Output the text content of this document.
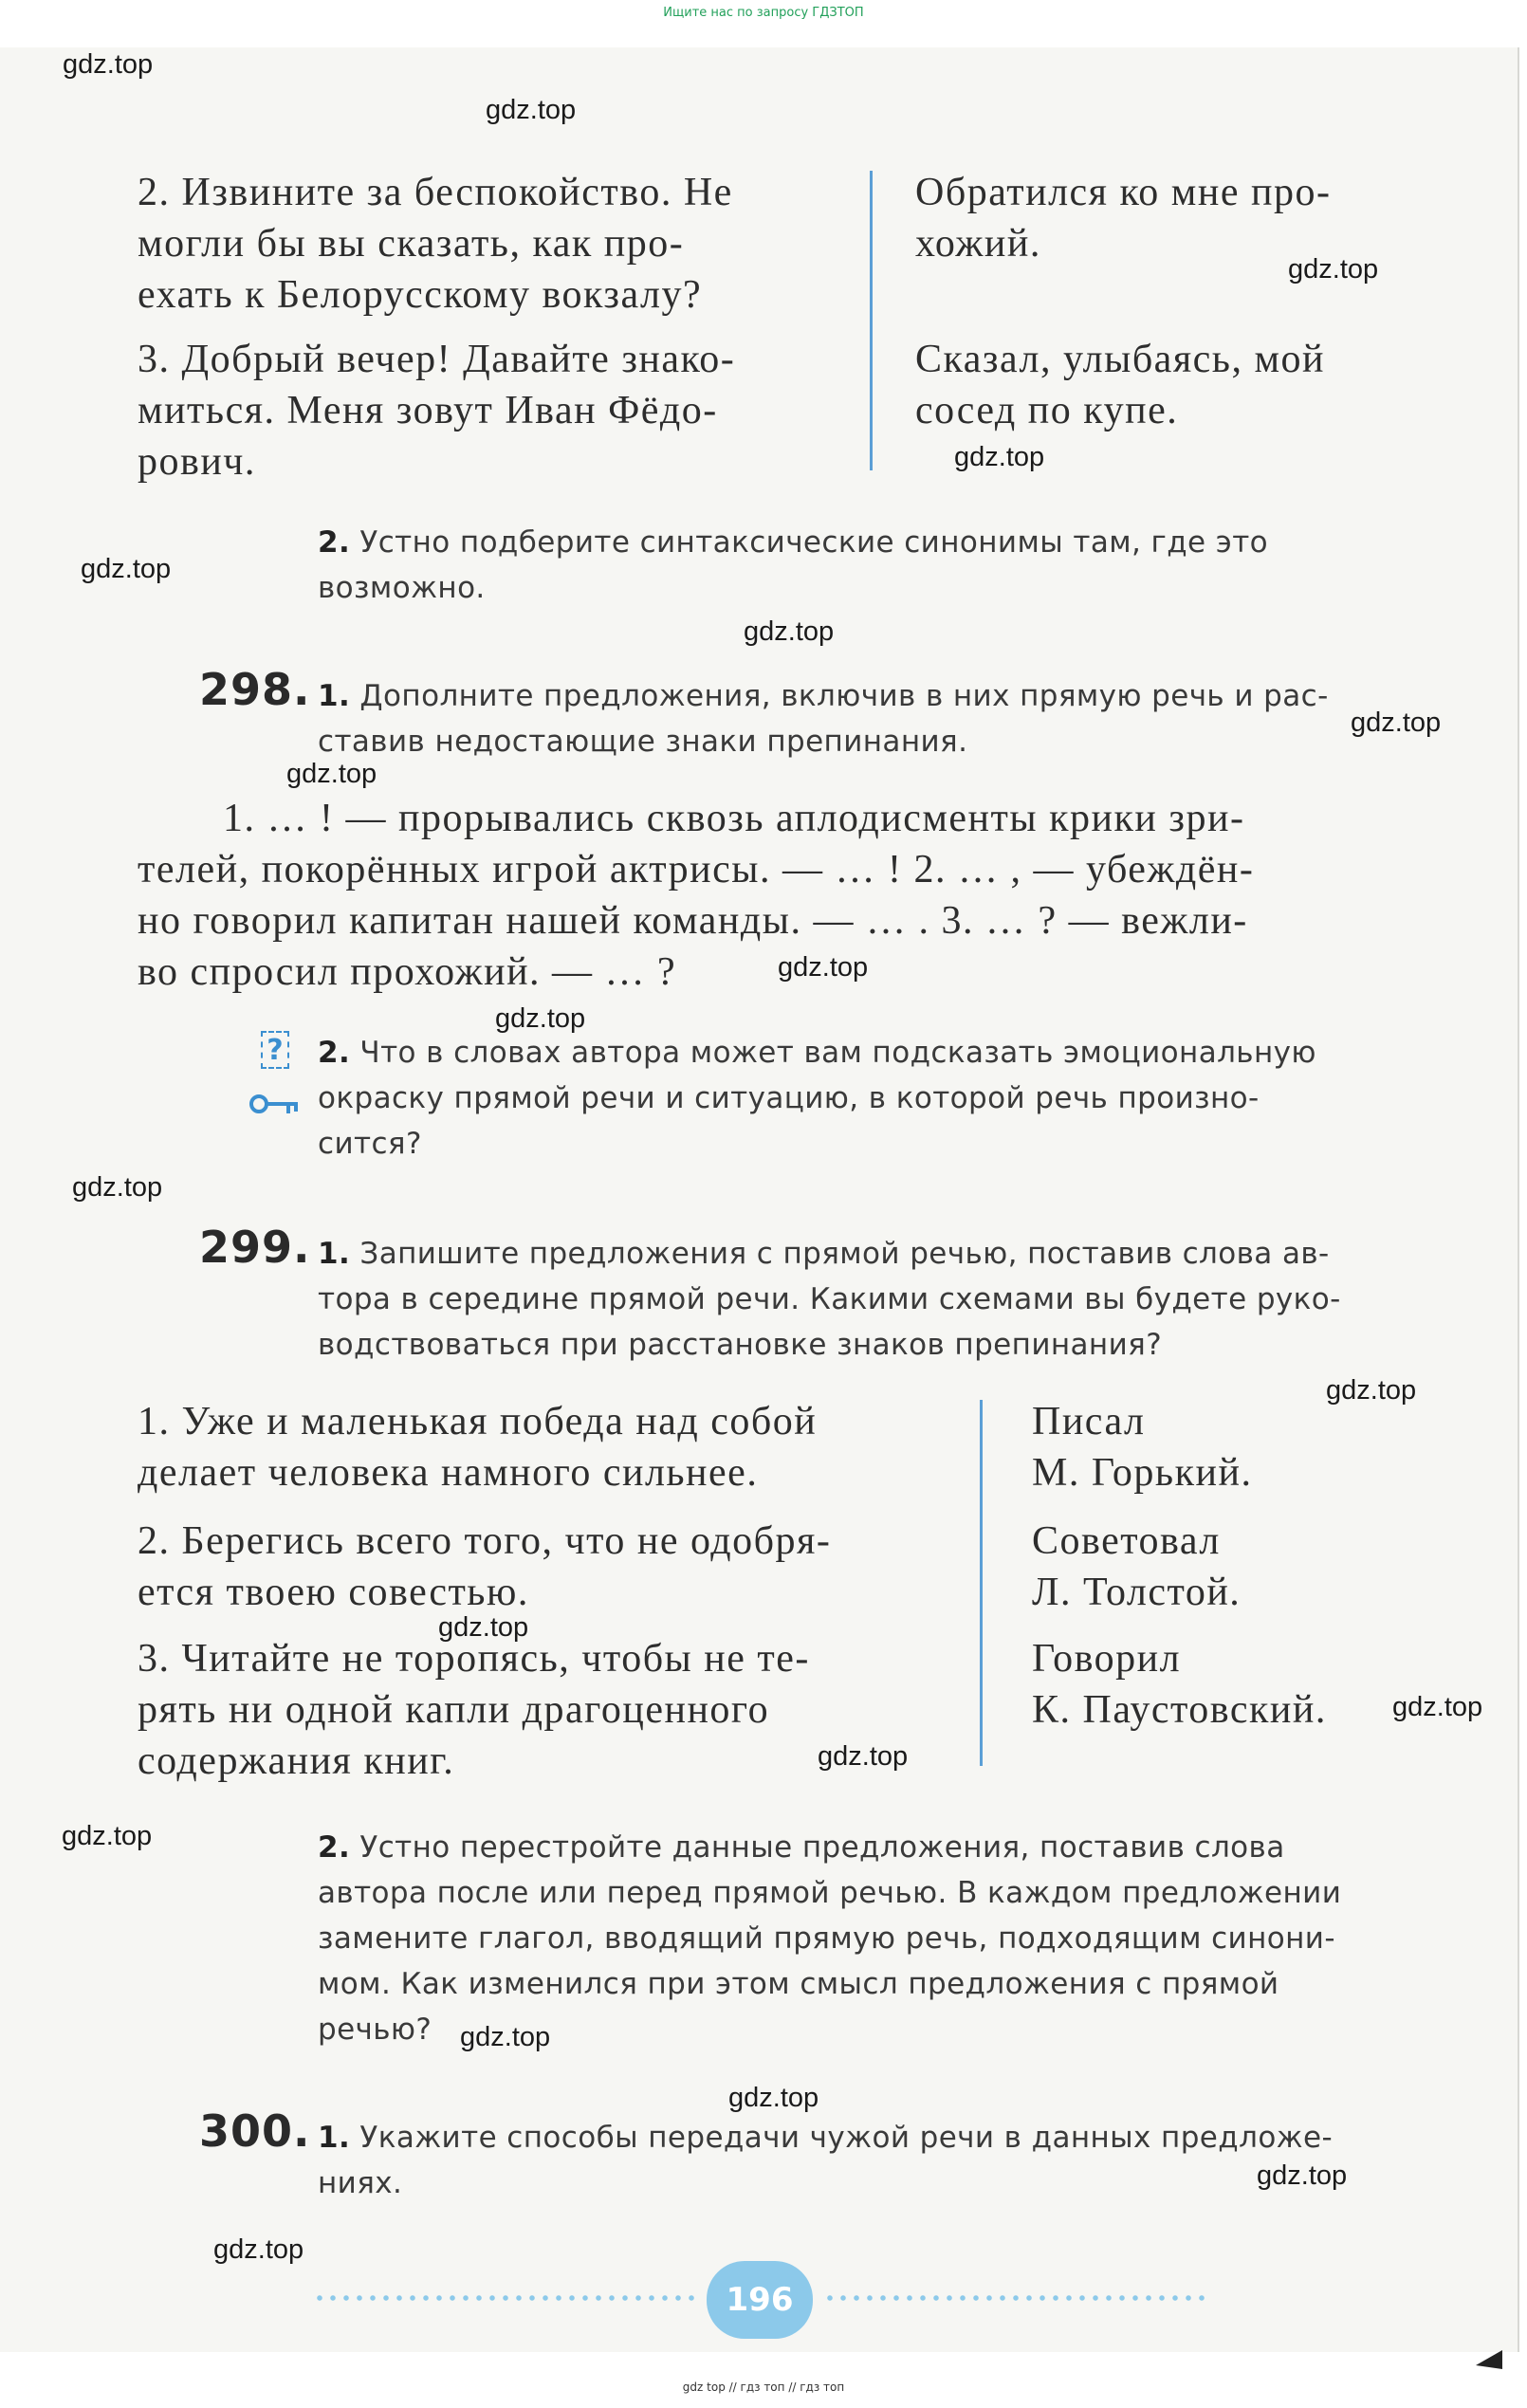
Ищите нас по запросу ГДЗТОП
2. Извините за беспокойство. Не
могли бы вы сказать, как про-
ехать к Белорусскому вокзалу?
3. Добрый вечер! Давайте знако-
миться. Меня зовут Иван Фёдо-
рович.
Обратился ко мне про-
хожий.
Сказал, улыбаясь, мой
сосед по купе.
2. Устно подберите синтаксические синонимы там, где это
возможно.
298. 1. Дополните предложения, включив в них прямую речь и рас-
ставив недостающие знаки препинания.
1. … ! — прорывались сквозь аплодисменты крики зри-
телей, покорённых игрой актрисы. — … ! 2. … , — убеждён-
но говорил капитан нашей команды. — … . 3. … ? — вежли-
во спросил прохожий. — … ?
? 2. Что в словах автора может вам подсказать эмоциональную
окраску прямой речи и ситуацию, в которой речь произно-
сится?
299. 1. Запишите предложения с прямой речью, поставив слова ав-
тора в середине прямой речи. Какими схемами вы будете руко-
водствоваться при расстановке знаков препинания?
1. Уже и маленькая победа над собой
делает человека намного сильнее.
2. Берегись всего того, что не одобря-
ется твоею совестью.
3. Читайте не торопясь, чтобы не те-
рять ни одной капли драгоценного
содержания книг.
Писал
М. Горький.
Советовал
Л. Толстой.
Говорил
К. Паустовский.
2. Устно перестройте данные предложения, поставив слова
автора после или перед прямой речью. В каждом предложении
замените глагол, вводящий прямую речь, подходящим синони-
мом. Как изменился при этом смысл предложения с прямой
речью?
300. 1. Укажите способы передачи чужой речи в данных предложе-
ниях.
196
gdz top // гдз топ // гдз топ
gdz.top
gdz.top
gdz.top
gdz.top
gdz.top
gdz.top
gdz.top
gdz.top
gdz.top
gdz.top
gdz.top
gdz.top
gdz.top
gdz.top
gdz.top
gdz.top
gdz.top
gdz.top
gdz.top
gdz.top
